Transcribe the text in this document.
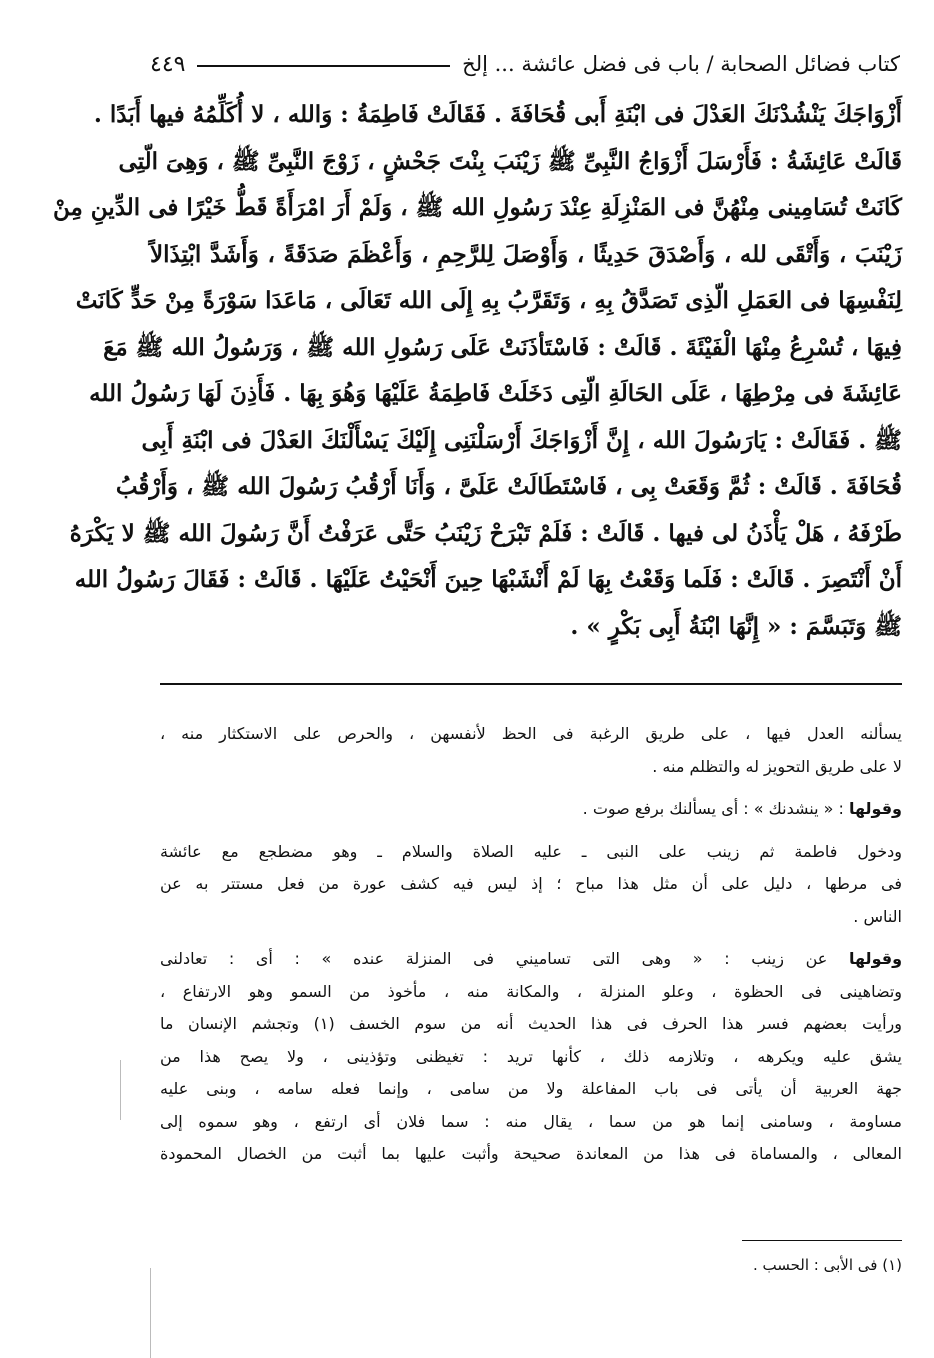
كتاب فضائل الصحابة / باب فى فضل عائشة ... إلخ
٤٤٩
أَزْوَاجَكَ يَنْشُدْنَكَ العَدْلَ فى ابْنَةِ أَبى قُحَافَةَ . فَقَالَتْ فَاطِمَةُ : وَالله ، لا أُكَلِّمُهُ فيها أَبَدًا .
قَالَتْ عَائِشَةُ : فَأَرْسَلَ أَزْوَاجُ النَّبِىِّ ﷺ زَيْنَبَ بِنْتَ جَحْشٍ ، زَوْجَ النَّبِىِّ ﷺ ، وَهِىَ الّتِى
كَانَتْ تُسَامِينى مِنْهُنَّ فى المَنْزِلَةِ عِنْدَ رَسُولِ الله ﷺ ، وَلَمْ أَرَ امْرَأَةً قَطُّ خَيْرًا فى الدِّينِ مِنْ
زَيْنَبَ ، وَأَتْقَى لله ، وَأَصْدَقَ حَدِيثًا ، وَأَوْصَلَ لِلرَّحِمِ ، وَأَعْظَمَ صَدَقَةً ، وَأَشَدَّ ابْتِذَالاً
لِنَفْسِهَا فى العَمَلِ الّذِى تَصَدَّقُ بِهِ ، وَتَقَرَّبُ بِهِ إِلَى الله تَعَالَى ، مَاعَدَا سَوْرَةً مِنْ حَدٍّ كَانَتْ
فِيهَا ، تُسْرِعُ مِنْهَا الْفَيْئَةَ . قَالَتْ : فَاسْتَأذَنَتْ عَلَى رَسُولِ الله ﷺ ، وَرَسُولُ الله ﷺ مَعَ
عَائِشَةَ فى مِرْطِهَا ، عَلَى الحَالَةِ الّتِى دَخَلَتْ فَاطِمَةُ عَلَيْهَا وَهُوَ بِهَا . فَأَذِنَ لَهَا رَسُولُ الله
ﷺ . فَقَالَتْ : يَارَسُولَ الله ، إِنَّ أَزْوَاجَكَ أَرْسَلْنَنِى إِلَيْكَ يَسْأَلْنَكَ العَدْلَ فى ابْنَةِ أَبِى
قُحَافَةَ . قَالَتْ : ثُمَّ وَقَعَتْ بِى ، فَاسْتَطَالَتْ عَلَىَّ ، وَأَنَا أَرْقُبُ رَسُولَ الله ﷺ ، وَأَرْقُبُ
طَرْفَهُ ، هَلْ يَأْذَنُ لى فيها . قَالَتْ : فَلَمْ تَبْرَحْ زَيْنَبُ حَتَّى عَرَفْتُ أَنَّ رَسُولَ الله ﷺ لا يَكْرَهُ
أَنْ أَنْتَصِرَ . قَالَتْ : فَلَما وَقَعْتُ بِهَا لَمْ أَنْشَبْهَا حِينَ أَنْحَيْتُ عَلَيْهَا . قَالَتْ : فَقَالَ رَسُولُ الله
ﷺ وَتَبَسَّمَ : « إِنَّهَا ابْنَةُ أَبِى بَكْرٍ » .
يسألنه العدل فيها ، على طريق الرغبة فى الحظ لأنفسهن ، والحرص على الاستكثار منه ،
لا على طريق التحويز له والتظلم منه .
وقولها : « ينشدنك » : أى يسألنك برفع صوت .
ودخول فاطمة ثم زينب على النبى ـ عليه الصلاة والسلام ـ وهو مضطجع مع عائشة
فى مرطها ، دليل على أن مثل هذا مباح ؛ إذ ليس فيه كشف عورة من فعل مستتر به عن
الناس .
وقولها عن زينب : « وهى التى تساميني فى المنزلة عنده » : أى : تعادلنى
وتضاهينى فى الحظوة ، وعلو المنزلة ، والمكانة منه ، مأخوذ من السمو وهو الارتفاع ،
ورأيت بعضهم فسر هذا الحرف فى هذا الحديث أنه من سوم الخسف (١) وتجشم الإنسان ما
يشق عليه ويكرهه ، وتلازمه ذلك ، كأنها تريد : تغيظنى وتؤذينى ، ولا يصح هذا من
جهة العربية أن يأتى فى باب المفاعلة ولا من سامى ، وإنما فعله سامه ، وبنى عليه
مساومة ، وسامنى إنما هو من سما ، يقال منه : سما فلان أى ارتفع ، وهو سموه إلى
المعالى ، والمساماة فى هذا من المعاندة صحيحة وأثبت عليها بما أثبت من الخصال المحمودة
(١) فى الأبى : الحسب .
